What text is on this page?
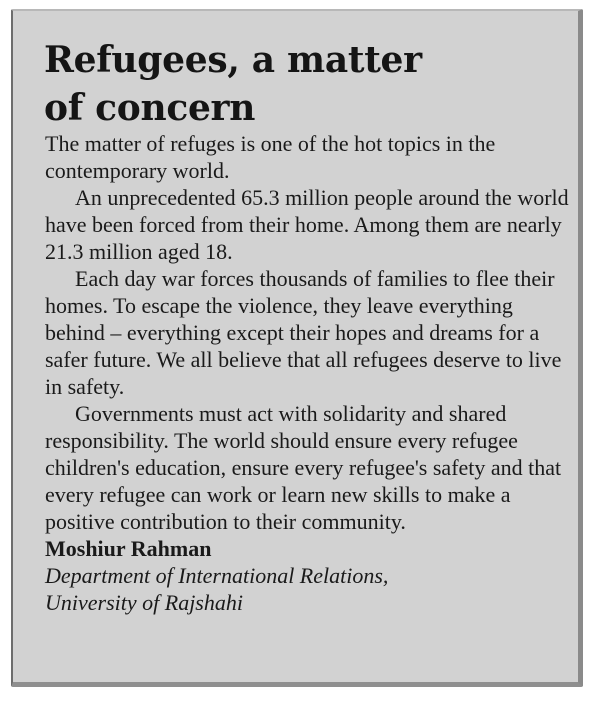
Refugees, a matter
of concern

The matter of refuges is one of the hot topics in the contemporary world.

An unprecedented 65.3 million people around the world have been forced from their home. Among them are nearly 21.3 million aged 18.

Each day war forces thousands of families to flee their homes. To escape the violence, they leave everything behind – everything except their hopes and dreams for a safer future. We all believe that all refugees deserve to live in safety.

Governments must act with solidarity and shared responsibility. The world should ensure every refugee children's education, ensure every refugee's safety and that every refugee can work or learn new skills to make a positive contribution to their community.

Moshiur Rahman

Department of International Relations,

University of Rajshahi
